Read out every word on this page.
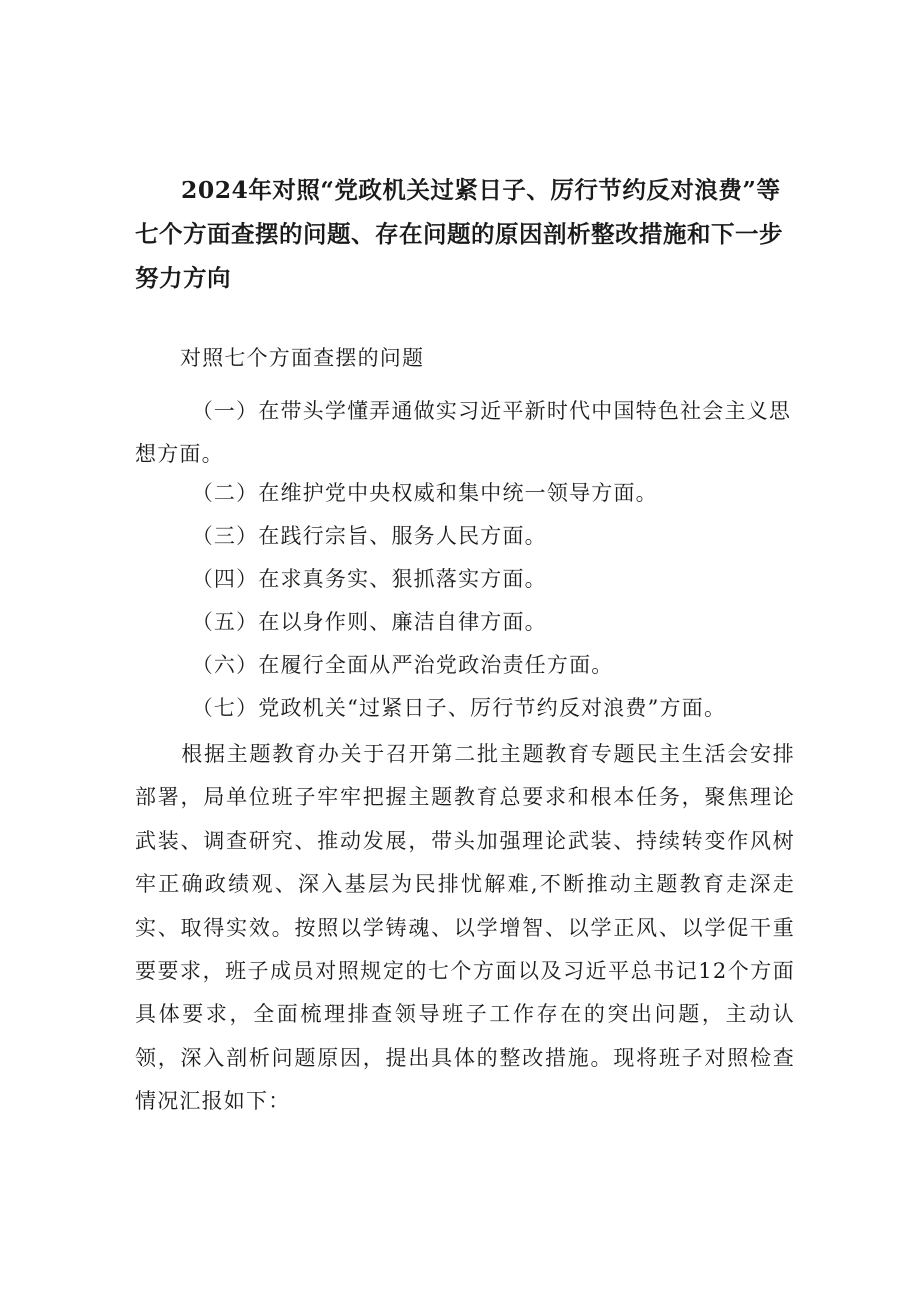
2024年对照“党政机关过紧日子、厉行节约反对浪费”等七个方面查摆的问题、存在问题的原因剖析整改措施和下一步努力方向

对照七个方面查摆的问题

（一）在带头学懂弄通做实习近平新时代中国特色社会主义思想方面。

（二）在维护党中央权威和集中统一领导方面。

（三）在践行宗旨、服务人民方面。

（四）在求真务实、狠抓落实方面。

（五）在以身作则、廉洁自律方面。

（六）在履行全面从严治党政治责任方面。

（七）党政机关“过紧日子、厉行节约反对浪费”方面。

根据主题教育办关于召开第二批主题教育专题民主生活会安排部署，局单位班子牢牢把握主题教育总要求和根本任务，聚焦理论武装、调查研究、推动发展，带头加强理论武装、持续转变作风树牢正确政绩观、深入基层为民排忧解难,不断推动主题教育走深走实、取得实效。按照以学铸魂、以学增智、以学正风、以学促干重要要求，班子成员对照规定的七个方面以及习近平总书记12个方面具体要求，全面梳理排查领导班子工作存在的突出问题，主动认领，深入剖析问题原因，提出具体的整改措施。现将班子对照检查情况汇报如下：
